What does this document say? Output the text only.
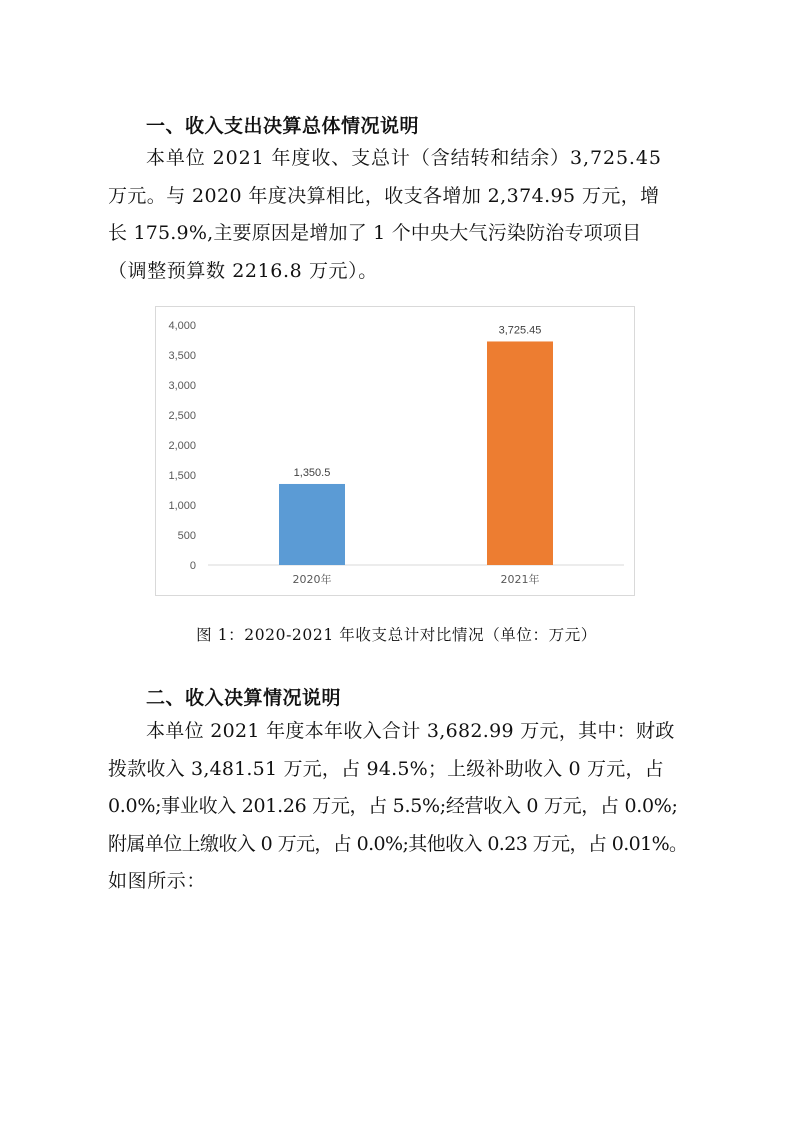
一、收入支出决算总体情况说明
本单位 2021 年度收、支总计（含结转和结余）3,725.45
万元。与 2020 年度决算相比，收支各增加 2,374.95 万元，增
长 175.9%,主要原因是增加了 1 个中央大气污染防治专项项目
（调整预算数 2216.8 万元）。
0
500
1,000
1,500
2,000
2,500
3,000
3,500
4,000
1,350.5
2020年
3,725.45
2021年
图 1：2020-2021 年收支总计对比情况（单位：万元）
二、收入决算情况说明
本单位 2021 年度本年收入合计 3,682.99 万元，其中：财政
拨款收入 3,481.51 万元，占 94.5%；上级补助收入 0 万元，占
0.0%;事业收入 201.26 万元，占 5.5%;经营收入 0 万元，占 0.0%;
附属单位上缴收入 0 万元，占 0.0%;其他收入 0.23 万元，占 0.01%。
如图所示：
